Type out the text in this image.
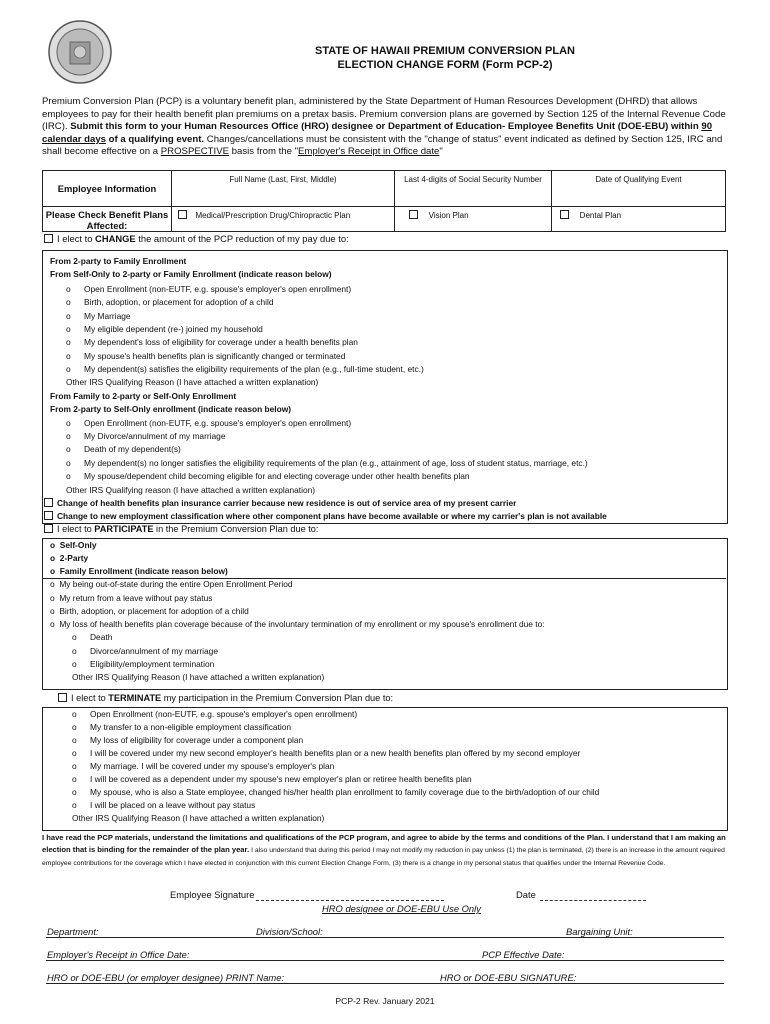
STATE OF HAWAII PREMIUM CONVERSION PLAN
ELECTION CHANGE FORM (Form PCP-2)
Premium Conversion Plan (PCP) is a voluntary benefit plan, administered by the State Department of Human Resources Development (DHRD) that allows employees to pay for their health benefit plan premiums on a pretax basis. Premium conversion plans are governed by Section 125 of the Internal Revenue Code (IRC). Submit this form to your Human Resources Office (HRO) designee or Department of Education- Employee Benefits Unit (DOE-EBU) within 90 calendar days of a qualifying event. Changes/cancellations must be consistent with the "change of status" event indicated as defined by Section 125, IRC and shall become effective on a PROSPECTIVE basis from the "Employer's Receipt in Office date"
Employee Information	Full Name (Last, First, Middle)	Last 4-digits of Social Security Number	Date of Qualifying Event
Please Check Benefit Plans Affected:	Medical/Prescription Drug/Chiropractic Plan	Vision Plan	Dental Plan
I elect to CHANGE the amount of the PCP reduction of my pay due to:
From 2-party to Family Enrollment
From Self-Only to 2-party or Family Enrollment (indicate reason below)
o Open Enrollment (non-EUTF, e.g. spouse's employer's open enrollment)
o Birth, adoption, or placement for adoption of a child
o My Marriage
o My eligible dependent (re-) joined my household
o My dependent's loss of eligibility for coverage under a health benefits plan
o My spouse's health benefits plan is significantly changed or terminated
o My dependent(s) satisfies the eligibility requirements of the plan (e.g., full-time student, etc.)
Other IRS Qualifying Reason (I have attached a written explanation)
From Family to 2-party or Self-Only Enrollment
From 2-party to Self-Only enrollment (indicate reason below)
o Open Enrollment (non-EUTF, e.g. spouse's employer's open enrollment)
o My Divorce/annulment of my marriage
o Death of my dependent(s)
o My dependent(s) no longer satisfies the eligibility requirements of the plan (e.g., attainment of age, loss of student status, marriage, etc.)
o My spouse/dependent child becoming eligible for and electing coverage under other health benefits plan
Other IRS Qualifying reason (I have attached a written explanation)
Change of health benefits plan insurance carrier because new residence is out of service area of my present carrier
Change to new employment classification where other component plans have become available or where my carrier's plan is not available
I elect to PARTICIPATE in the Premium Conversion Plan due to:
o  Self-Only
o  2-Party
o  Family Enrollment (indicate reason below)
o  My being out-of-state during the entire Open Enrollment Period
o  My return from a leave without pay status
o  Birth, adoption, or placement for adoption of a child
o  My loss of health benefits plan coverage because of the involuntary termination of my enrollment or my spouse's enrollment due to:
o Death
o Divorce/annulment of my marriage
o Eligibility/employment termination
Other IRS Qualifying Reason (I have attached a written explanation)
I elect to TERMINATE my participation in the Premium Conversion Plan due to:
o Open Enrollment (non-EUTF, e.g. spouse's employer's open enrollment)
o My transfer to a non-eligible employment classification
o My loss of eligibility for coverage under a component plan
o I will be covered under my new second employer's health benefits plan or a new health benefits plan offered by my second employer
o My marriage. I will be covered under my spouse's employer's plan
o I will be covered as a dependent under my spouse's new employer's plan or retiree health benefits plan
o My spouse, who is also a State employee, changed his/her health plan enrollment to family coverage due to the birth/adoption of our child
o I will be placed on a leave without pay status
Other IRS Qualifying Reason (I have attached a written explanation)
I have read the PCP materials, understand the limitations and qualifications of the PCP program, and agree to abide by the terms and conditions of the Plan. I understand that I am making an election that is binding for the remainder of the plan year. I also understand that during this period I may not modify my reduction in pay unless (1) the plan is terminated, (2) there is an increase in the amount required employee contributions for the coverage which I have elected in conjunction with this current Election Change Form, (3) there is a change in my personal status that qualifies under the Internal Revenue Code.
Employee Signature	Date
HRO designee or DOE-EBU Use Only
Department:	Division/School:	Bargaining Unit:
Employer's Receipt in Office Date:	PCP Effective Date:
HRO or DOE-EBU (or employer designee) PRINT Name:	HRO or DOE-EBU SIGNATURE:
PCP-2 Rev. January 2021
